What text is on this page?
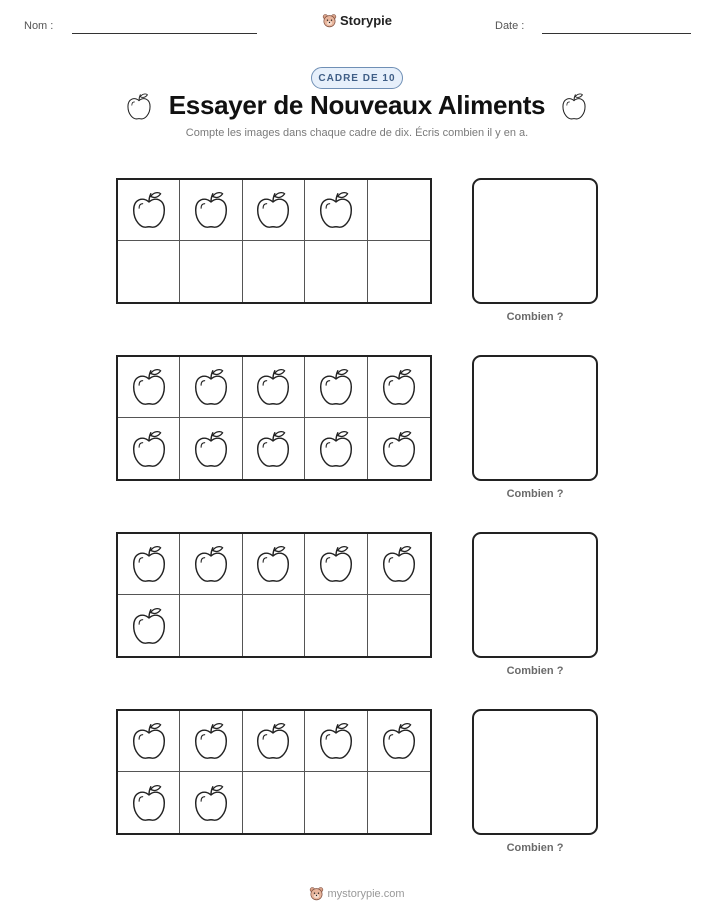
Nom :	Storypie	Date :
CADRE DE 10
Essayer de Nouveaux Aliments
Compte les images dans chaque cadre de dix. Écris combien il y en a.
Combien ?
Combien ?
Combien ?
Combien ?
mystorypie.com
